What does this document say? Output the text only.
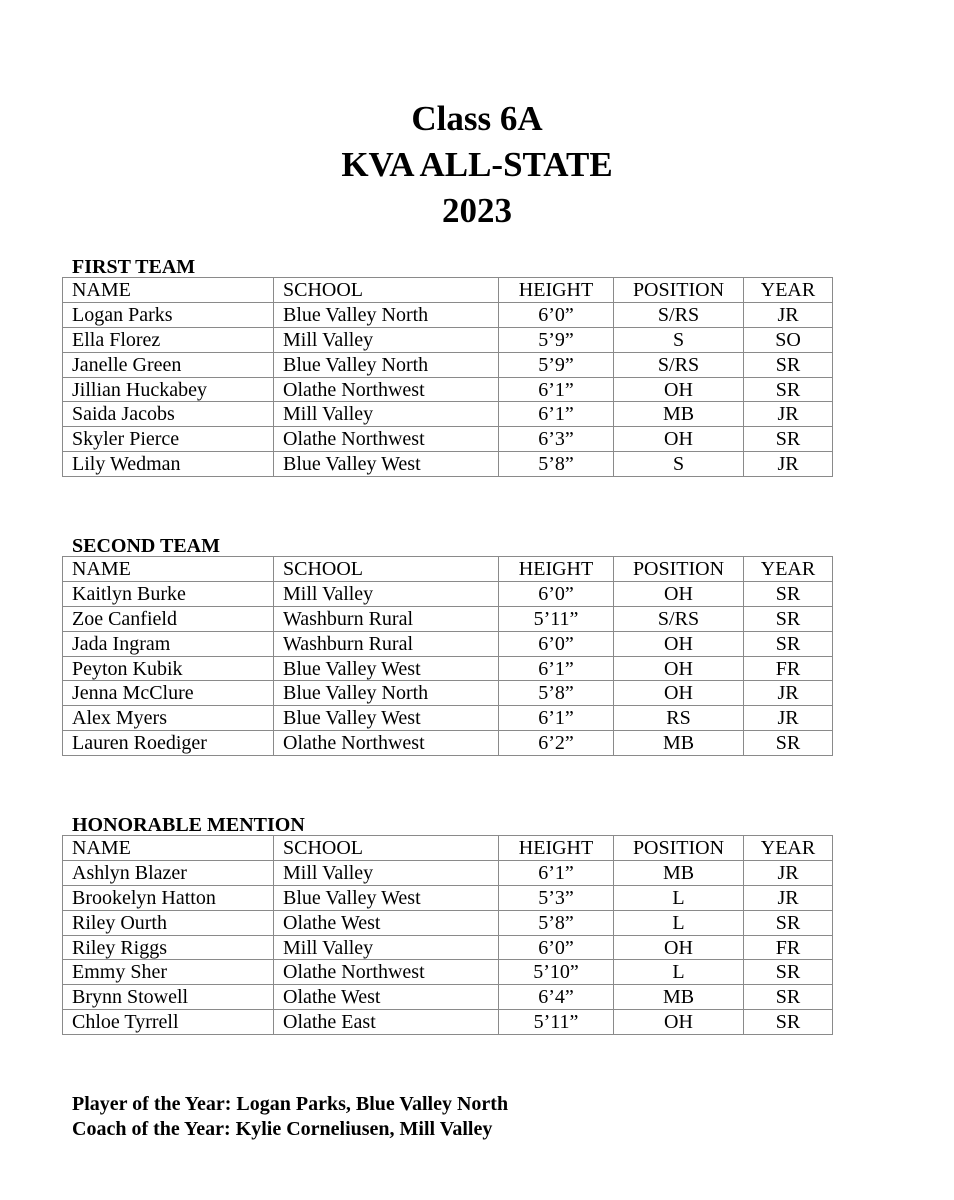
Class 6A
KVA ALL-STATE
2023
FIRST TEAM
NAME	SCHOOL	HEIGHT	POSITION	YEAR
Logan Parks	Blue Valley North	6’0”	S/RS	JR
Ella Florez	Mill Valley	5’9”	S	SO
Janelle Green	Blue Valley North	5’9”	S/RS	SR
Jillian Huckabey	Olathe Northwest	6’1”	OH	SR
Saida Jacobs	Mill Valley	6’1”	MB	JR
Skyler Pierce	Olathe Northwest	6’3”	OH	SR
Lily Wedman	Blue Valley West	5’8”	S	JR
SECOND TEAM
NAME	SCHOOL	HEIGHT	POSITION	YEAR
Kaitlyn Burke	Mill Valley	6’0”	OH	SR
Zoe Canfield	Washburn Rural	5’11”	S/RS	SR
Jada Ingram	Washburn Rural	6’0”	OH	SR
Peyton Kubik	Blue Valley West	6’1”	OH	FR
Jenna McClure	Blue Valley North	5’8”	OH	JR
Alex Myers	Blue Valley West	6’1”	RS	JR
Lauren Roediger	Olathe Northwest	6’2”	MB	SR
HONORABLE MENTION
NAME	SCHOOL	HEIGHT	POSITION	YEAR
Ashlyn Blazer	Mill Valley	6’1”	MB	JR
Brookelyn Hatton	Blue Valley West	5’3”	L	JR
Riley Ourth	Olathe West	5’8”	L	SR
Riley Riggs	Mill Valley	6’0”	OH	FR
Emmy Sher	Olathe Northwest	5’10”	L	SR
Brynn Stowell	Olathe West	6’4”	MB	SR
Chloe Tyrrell	Olathe East	5’11”	OH	SR
Player of the Year: Logan Parks, Blue Valley North
Coach of the Year: Kylie Corneliusen, Mill Valley
